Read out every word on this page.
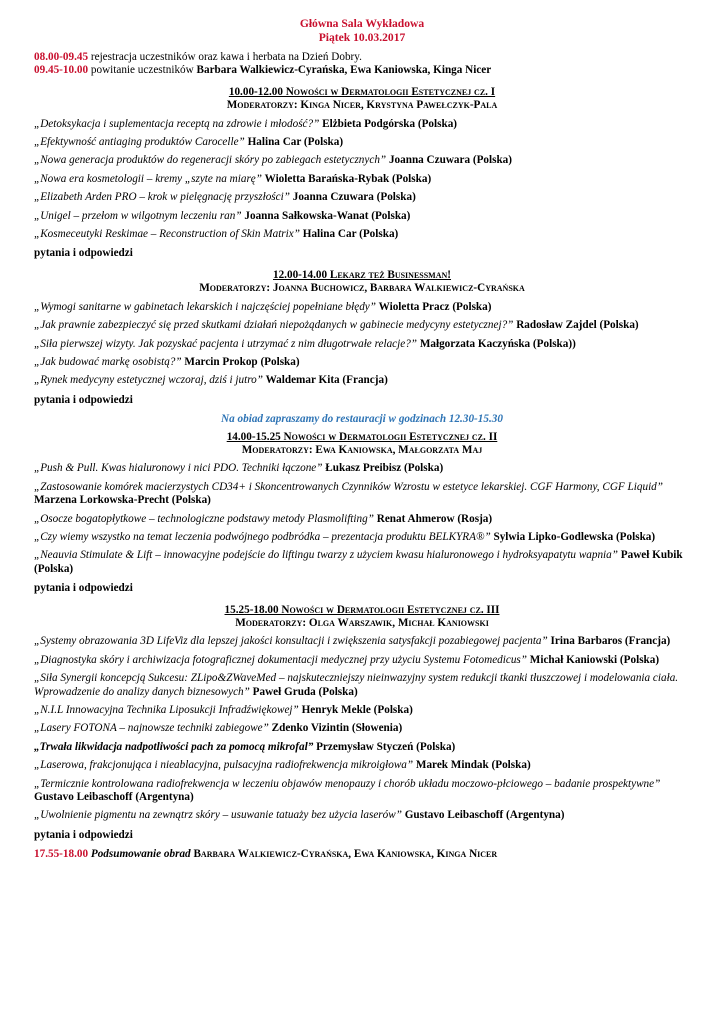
Główna Sala Wykładowa
Piątek 10.03.2017
08.00-09.45 rejestracja uczestników oraz kawa i herbata na Dzień Dobry.
09.45-10.00 powitanie uczestników Barbara Walkiewicz-Cyrańska, Ewa Kaniowska, Kinga Nicer
10.00-12.00 Nowości w Dermatologii Estetycznej cz. I
Moderatorzy: Kinga Nicer, Krystyna Pawełczyk-Pala
„Detoksykacja i suplementacja receptą na zdrowie i młodość?” Elżbieta Podgórska (Polska)
„Efektywność antiaging produktów Carocelle” Halina Car (Polska)
„Nowa generacja produktów do regeneracji skóry po zabiegach estetycznych” Joanna Czuwara (Polska)
„Nowa era kosmetologii – kremy „szyte na miarę” Wioletta Barańska-Rybak (Polska)
„Elizabeth Arden PRO – krok w pielęgnację przyszłości” Joanna Czuwara (Polska)
„Unigel – przełom w wilgotnym leczeniu ran” Joanna Sałkowska-Wanat (Polska)
„Kosmeceutyki Reskimae – Reconstruction of Skin Matrix” Halina Car (Polska)
pytania i odpowiedzi
12.00-14.00 Lekarz też Businessman!
Moderatorzy: Joanna Buchowicz, Barbara Walkiewicz-Cyrańska
„Wymogi sanitarne w gabinetach lekarskich i najczęściej popełniane błędy” Wioletta Pracz (Polska)
„Jak prawnie zabezpieczyć się przed skutkami działań niepożądanych w gabinecie medycyny estetycznej?” Radosław Zajdel (Polska)
„Siła pierwszej wizyty. Jak pozyskać pacjenta i utrzymać z nim długotrwałe relacje?” Małgorzata Kaczyńska (Polska))
„Jak budować markę osobistą?” Marcin Prokop (Polska)
„Rynek medycyny estetycznej wczoraj, dziś i jutro” Waldemar Kita (Francja)
pytania i odpowiedzi
Na obiad zapraszamy do restauracji w godzinach 12.30-15.30
14.00-15.25 Nowości w Dermatologii Estetycznej cz. II
Moderatorzy: Ewa Kaniowska, Małgorzata Maj
„Push & Pull. Kwas hialuronowy i nici PDO. Techniki łączone” Łukasz Preibisz (Polska)
„Zastosowanie komórek macierzystych CD34+ i Skoncentrowanych Czynników Wzrostu w estetyce lekarskiej. CGF Harmony, CGF Liquid” Marzena Lorkowska-Precht (Polska)
„Osocze bogatopłytkowe – technologiczne podstawy metody Plasmolifting” Renat Ahmerow (Rosja)
„Czy wiemy wszystko na temat leczenia podwójnego podbródka – prezentacja produktu BELKYRA®” Sylwia Lipko-Godlewska (Polska)
„Neauvia Stimulate & Lift – innowacyjne podejście do liftingu twarzy z użyciem kwasu hialuronowego i hydroksyapatytu wapnia” Paweł Kubik (Polska)
pytania i odpowiedzi
15.25-18.00 Nowości w Dermatologii Estetycznej cz. III
Moderatorzy: Olga Warszawik, Michał Kaniowski
„Systemy obrazowania 3D LifeViz dla lepszej jakości konsultacji i zwiększenia satysfakcji pozabiegowej pacjenta” Irina Barbaros (Francja)
„Diagnostyka skóry i archiwizacja fotograficznej dokumentacji medycznej przy użyciu Systemu Fotomedicus” Michał Kaniowski (Polska)
„Siła Synergii koncepcją Sukcesu: ZLipo&ZWaveMed – najskuteczniejszy nieinwazyjny system redukcji tkanki tłuszczowej i modelowania ciała. Wprowadzenie do analizy danych biznesowych” Paweł Gruda (Polska)
„N.I.L Innowacyjna Technika Liposukcji Infradźwiękowej” Henryk Mekle (Polska)
„Lasery FOTONA – najnowsze techniki zabiegowe” Zdenko Vizintin (Słowenia)
„Trwała likwidacja nadpotliwości pach za pomocą mikrofal” Przemysław Styczeń (Polska)
„Laserowa, frakcjonująca i nieablacyjna, pulsacyjna radiofrekwencja mikroigłowa” Marek Mindak (Polska)
„Termicznie kontrolowana radiofrekwencja w leczeniu objawów menopauzy i chorób układu moczowo-płciowego – badanie prospektywne” Gustavo Leibaschoff (Argentyna)
„Uwolnienie pigmentu na zewnątrz skóry – usuwanie tatuaży bez użycia laserów” Gustavo Leibaschoff (Argentyna)
pytania i odpowiedzi
17.55-18.00 Podsumowanie obrad Barbara Walkiewicz-Cyrańska, Ewa Kaniowska, Kinga Nicer
